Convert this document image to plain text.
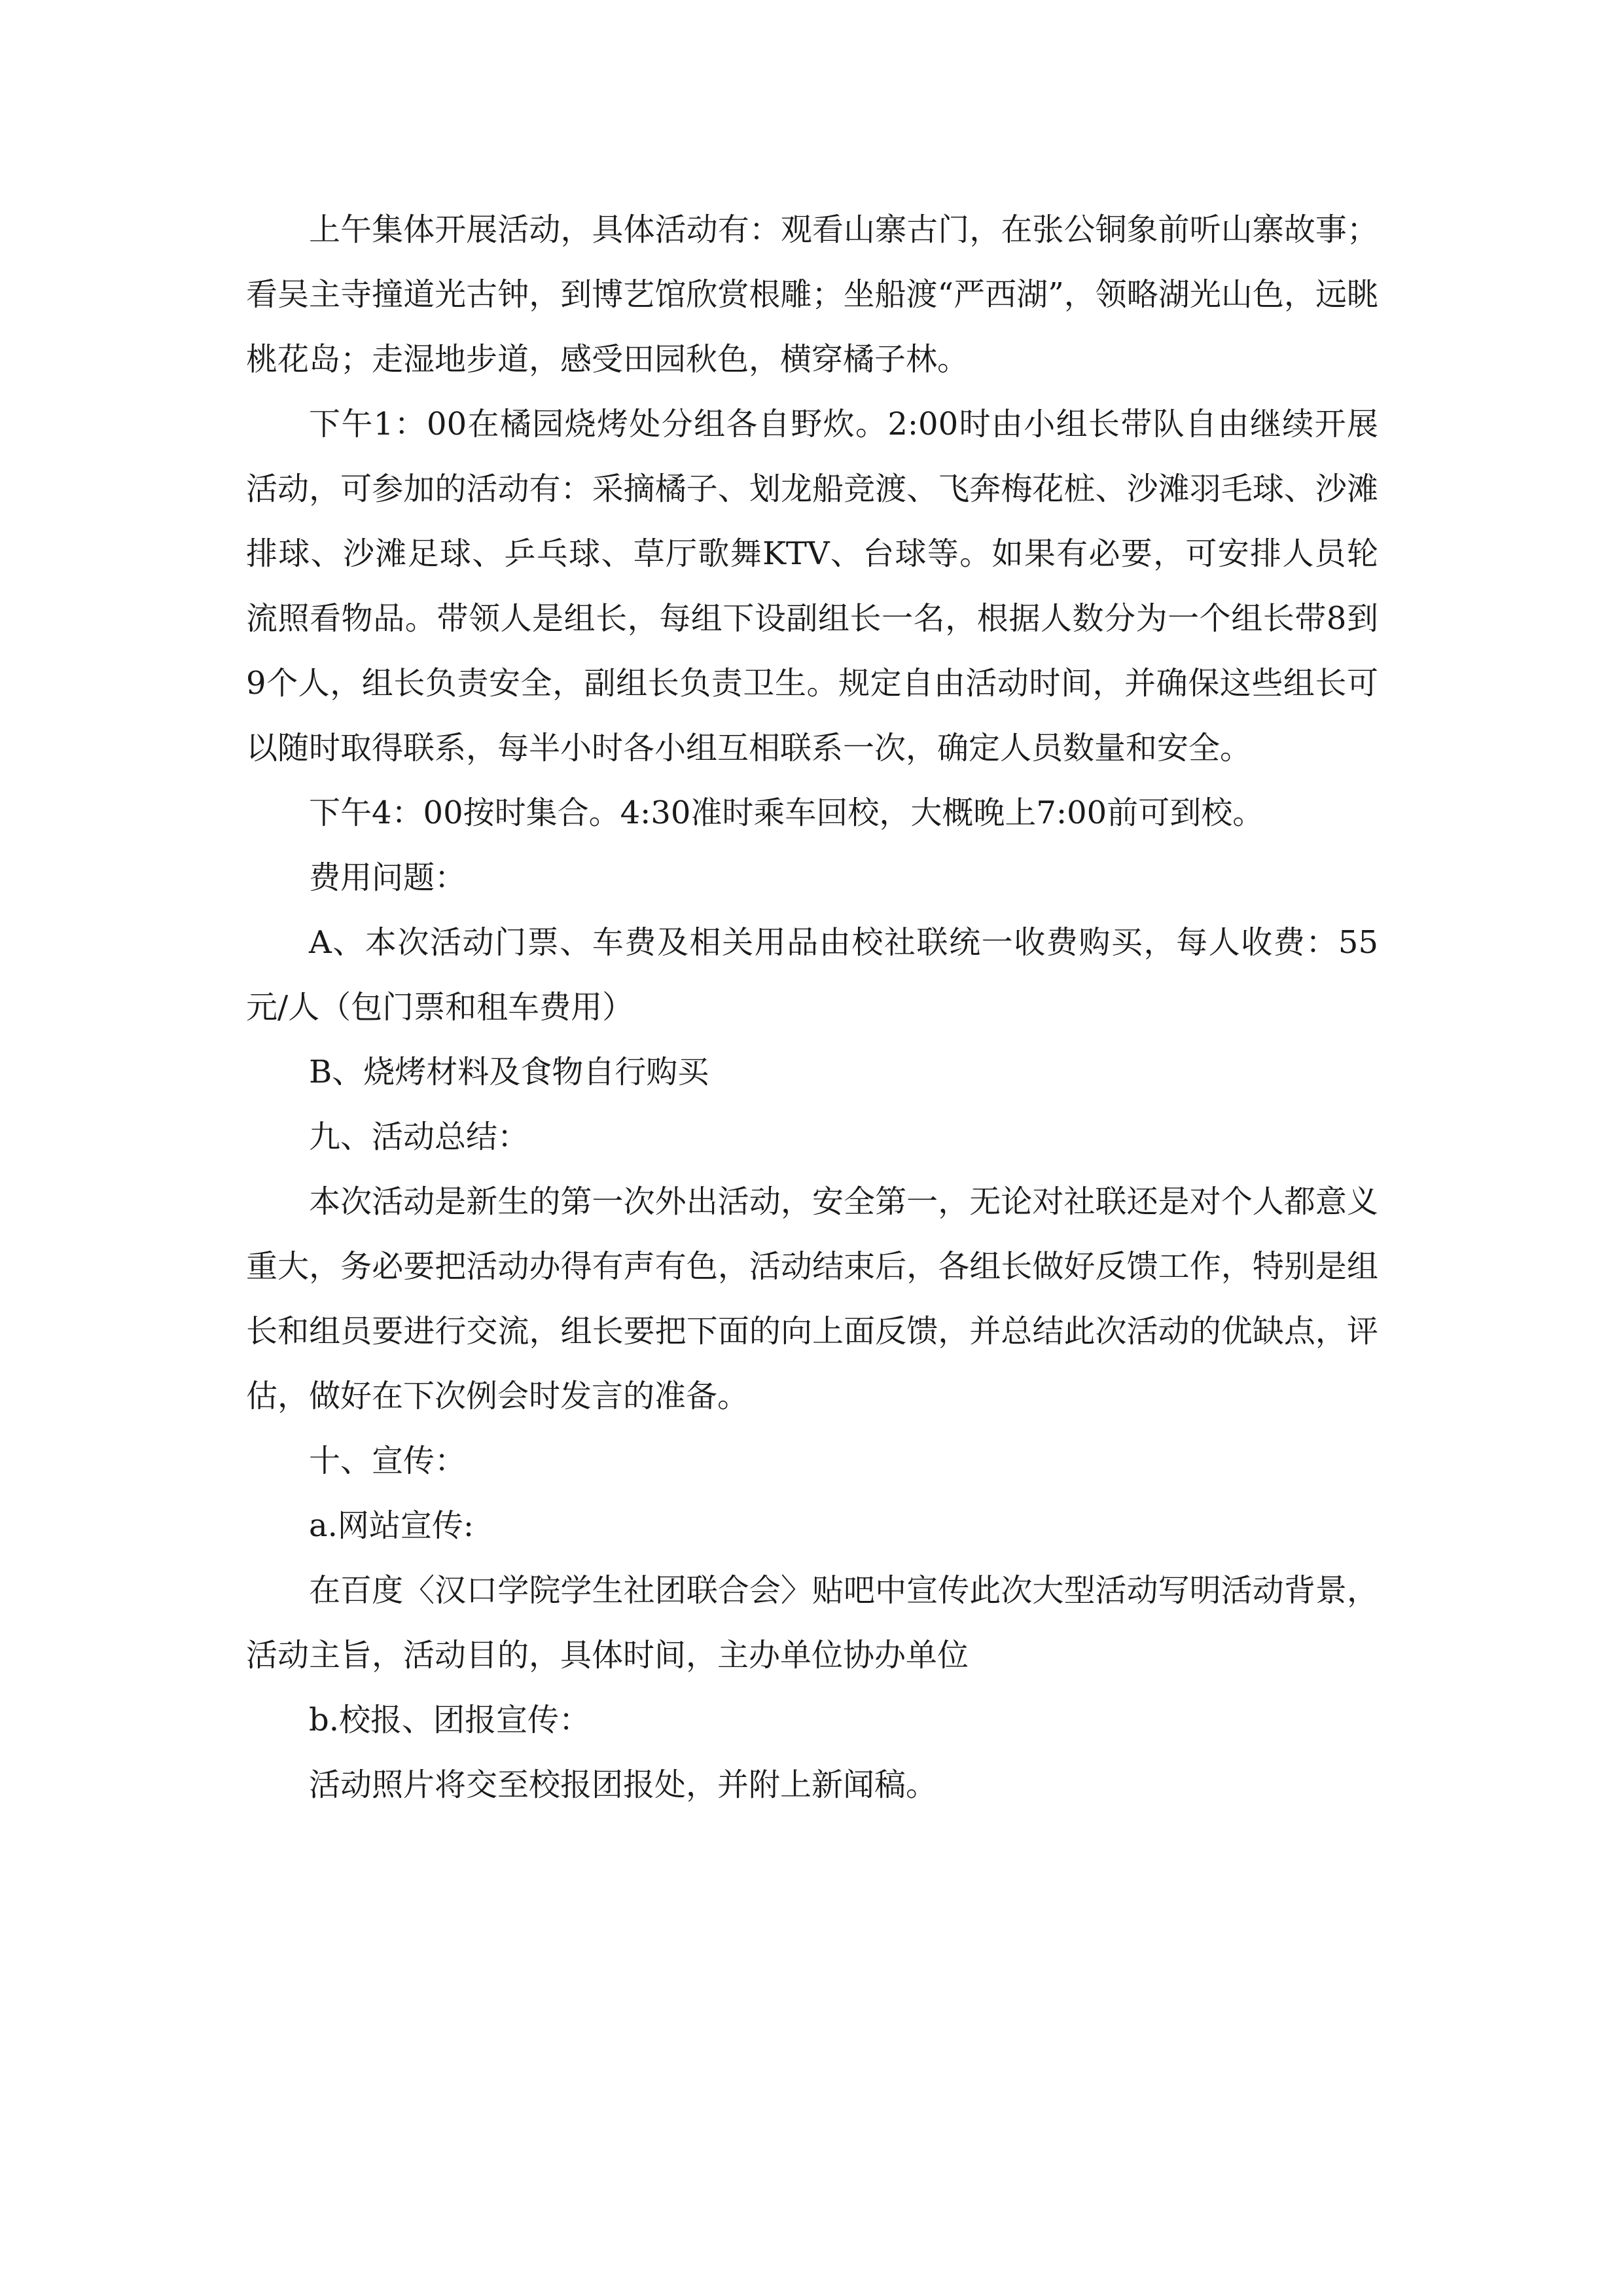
上午集体开展活动，具体活动有：观看山寨古门，在张公铜象前听山寨故事；看吴主寺撞道光古钟，到博艺馆欣赏根雕；坐船渡“严西湖”，领略湖光山色，远眺桃花岛；走湿地步道，感受田园秋色，横穿橘子林。

下午1：00在橘园烧烤处分组各自野炊。2:00时由小组长带队自由继续开展活动，可参加的活动有：采摘橘子、划龙船竞渡、飞奔梅花桩、沙滩羽毛球、沙滩排球、沙滩足球、乒乓球、草厅歌舞KTV、台球等。如果有必要，可安排人员轮流照看物品。带领人是组长，每组下设副组长一名，根据人数分为一个组长带8到9个人，组长负责安全，副组长负责卫生。规定自由活动时间，并确保这些组长可以随时取得联系，每半小时各小组互相联系一次，确定人员数量和安全。

下午4：00按时集合。4:30准时乘车回校，大概晚上7:00前可到校。

费用问题：

A、本次活动门票、车费及相关用品由校社联统一收费购买，每人收费：55元/人（包门票和租车费用）

B、烧烤材料及食物自行购买

九、活动总结：

本次活动是新生的第一次外出活动，安全第一，无论对社联还是对个人都意义重大，务必要把活动办得有声有色，活动结束后，各组长做好反馈工作，特别是组长和组员要进行交流，组长要把下面的向上面反馈，并总结此次活动的优缺点，评估，做好在下次例会时发言的准备。

十、宣传：

a.网站宣传:

在百度〈汉口学院学生社团联合会〉贴吧中宣传此次大型活动写明活动背景，活动主旨，活动目的，具体时间，主办单位协办单位

b.校报、团报宣传：

活动照片将交至校报团报处，并附上新闻稿。
